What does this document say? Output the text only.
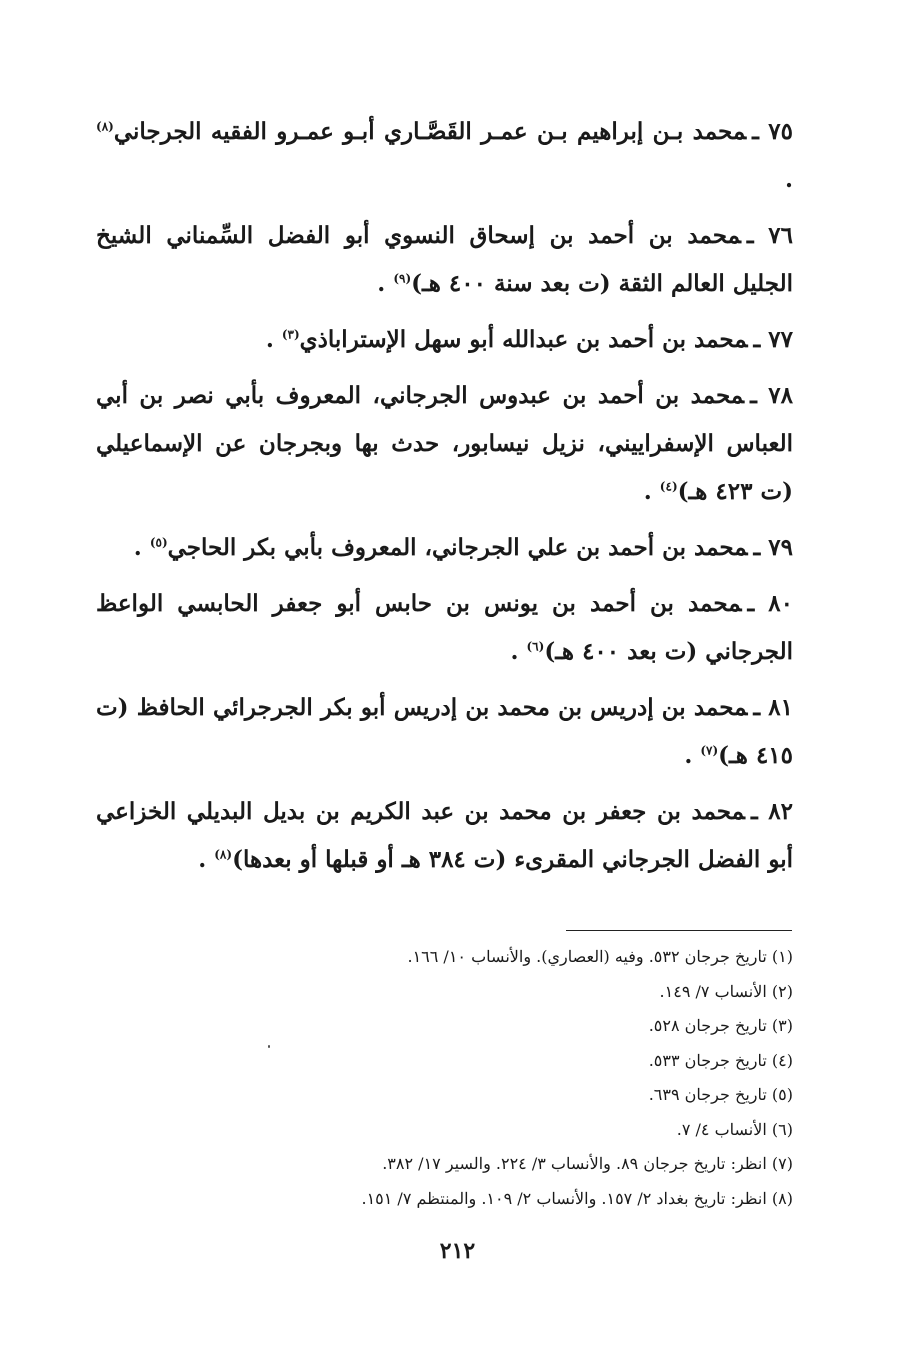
٧٥ ـمحمد بـن إبراهيم بـن عمـر القَصَّـاري أبـو عمـرو الفقيه الجرجاني$^{(٨)}$ .

٧٦ ـمحمد بن أحمد بن إسحاق النسوي أبو الفضل السِّمناني الشيخ الجليل العالم الثقة (ت بعد سنة ٤٠٠ هـ)$^{(٩)}$ .

٧٧ ـمحمد بن أحمد بن عبدالله أبو سهل الإستراباذي$^{(٣)}$ .

٧٨ ـمحمد بن أحمد بن عبدوس الجرجاني، المعروف بأبي نصر بن أبي العباس الإسفراييني، نزيل نيسابور، حدث بها وبجرجان عن الإسماعيلي (ت ٤٢٣ هـ)$^{(٤)}$ .

٧٩ ـمحمد بن أحمد بن علي الجرجاني، المعروف بأبي بكر الحاجي$^{(٥)}$ .

٨٠ ـمحمد بن أحمد بن يونس بن حابس أبو جعفر الحابسي الواعظ الجرجاني (ت بعد ٤٠٠ هـ)$^{(٦)}$ .

٨١ ـمحمد بن إدريس بن محمد بن إدريس أبو بكر الجرجرائي الحافظ (ت ٤١٥ هـ)$^{(٧)}$ .

٨٢ ـمحمد بن جعفر بن محمد بن عبد الكريم بن بديل البديلي الخزاعي أبو الفضل الجرجاني المقرىء (ت ٣٨٤ هـ أو قبلها أو بعدها)$^{(٨)}$ .

(١) تاريخ جرجان ٥٣٢. وفيه (العصاري). والأنساب ١٠/ ١٦٦.

(٢) الأنساب ٧/ ١٤٩.

(٣) تاريخ جرجان ٥٢٨.

(٤) تاريخ جرجان ٥٣٣.

(٥) تاريخ جرجان ٦٣٩.

(٦) الأنساب ٤/ ٧.

(٧) انظر: تاريخ جرجان ٨٩. والأنساب ٣/ ٢٢٤. والسير ١٧/ ٣٨٢.

(٨) انظر: تاريخ بغداد ٢/ ١٥٧. والأنساب ٢/ ١٠٩. والمنتظم ٧/ ١٥١.

٢١٢
